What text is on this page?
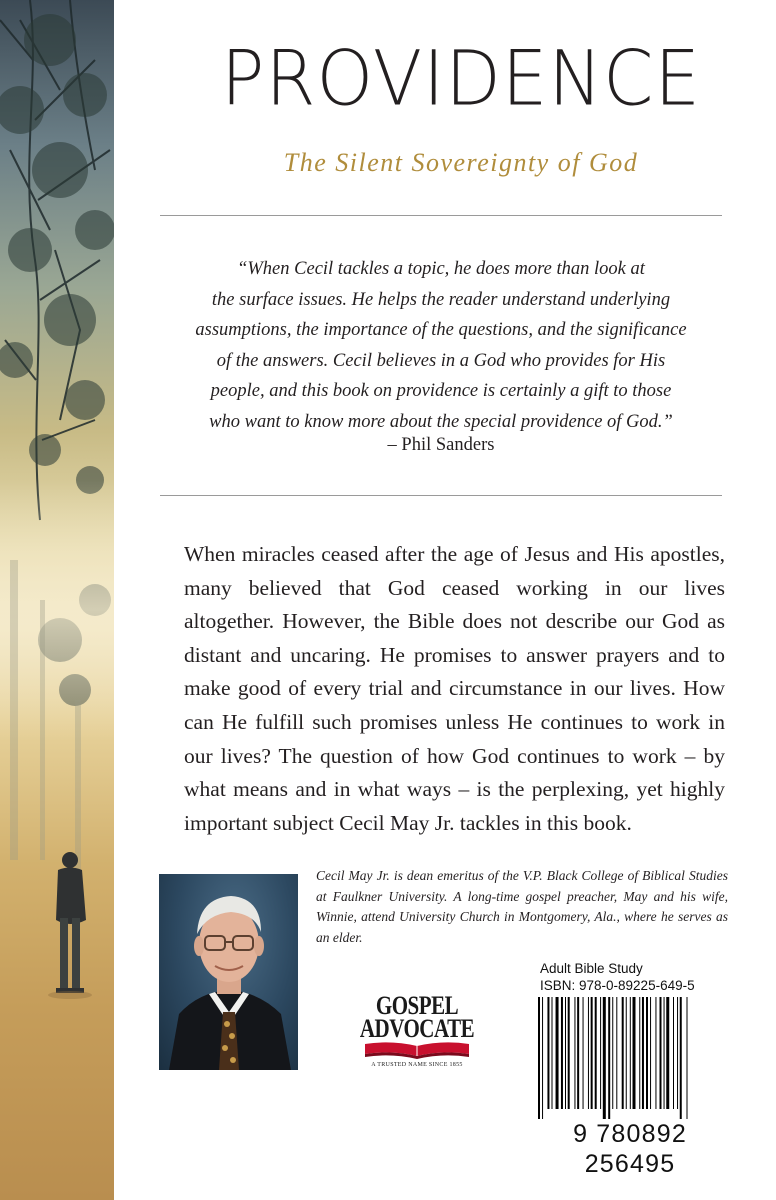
PROVIDENCE
The Silent Sovereignty of God

“When Cecil tackles a topic, he does more than look at

the surface issues. He helps the reader understand underlying

assumptions, the importance of the questions, and the significance

of the answers. Cecil believes in a God who provides for His

people, and this book on providence is certainly a gift to those

who want to know more about the special providence of God.”

– Phil Sanders

When miracles ceased after the age of Jesus and His apostles, many believed that God ceased working in our lives altogether. However, the Bible does not describe our God as distant and uncaring. He promises to answer prayers and to make good of every trial and circumstance in our lives. How can He fulfill such promises unless He continues to work in our lives? The question of how God continues to work – by what means and in what ways – is the perplexing, yet highly important subject Cecil May Jr. tackles in this book.

Cecil May Jr. is dean emeritus of the V.P. Black College of Biblical Studies at Faulkner University. A long-time gospel preacher, May and his wife, Winnie, attend University Church in Montgomery, Ala., where he serves as an elder.

GOSPEL
ADVOCATE
A TRUSTED NAME SINCE 1855
Adult Bible Study
ISBN: 978-0-89225-649-5
9 780892 256495
